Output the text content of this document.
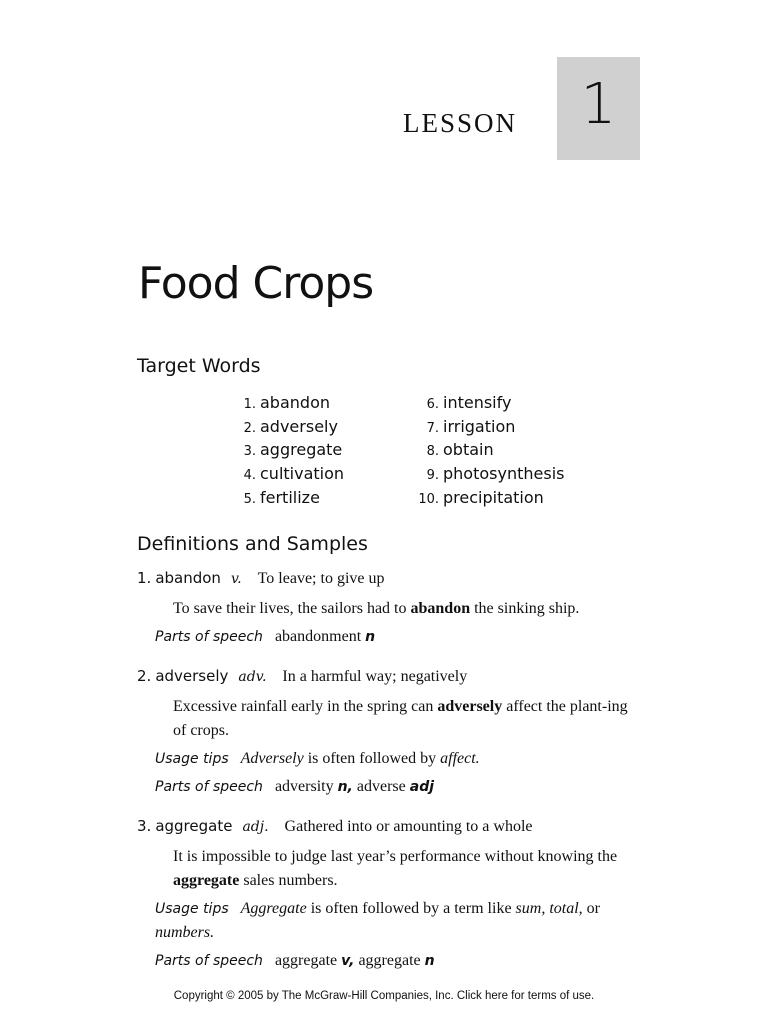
LESSON 1
Food Crops
Target Words
1. abandon
2. adversely
3. aggregate
4. cultivation
5. fertilize
6. intensify
7. irrigation
8. obtain
9. photosynthesis
10. precipitation
Definitions and Samples
1. abandon v. To leave; to give up
To save their lives, the sailors had to abandon the sinking ship.
Parts of speech abandonment n
2. adversely adv. In a harmful way; negatively
Excessive rainfall early in the spring can adversely affect the plant-ing of crops.
Usage tips Adversely is often followed by affect.
Parts of speech adversity n, adverse adj
3. aggregate adj. Gathered into or amounting to a whole
It is impossible to judge last year’s performance without knowing the aggregate sales numbers.
Usage tips Aggregate is often followed by a term like sum, total, or numbers.
Parts of speech aggregate v, aggregate n
Copyright © 2005 by The McGraw-Hill Companies, Inc. Click here for terms of use.
